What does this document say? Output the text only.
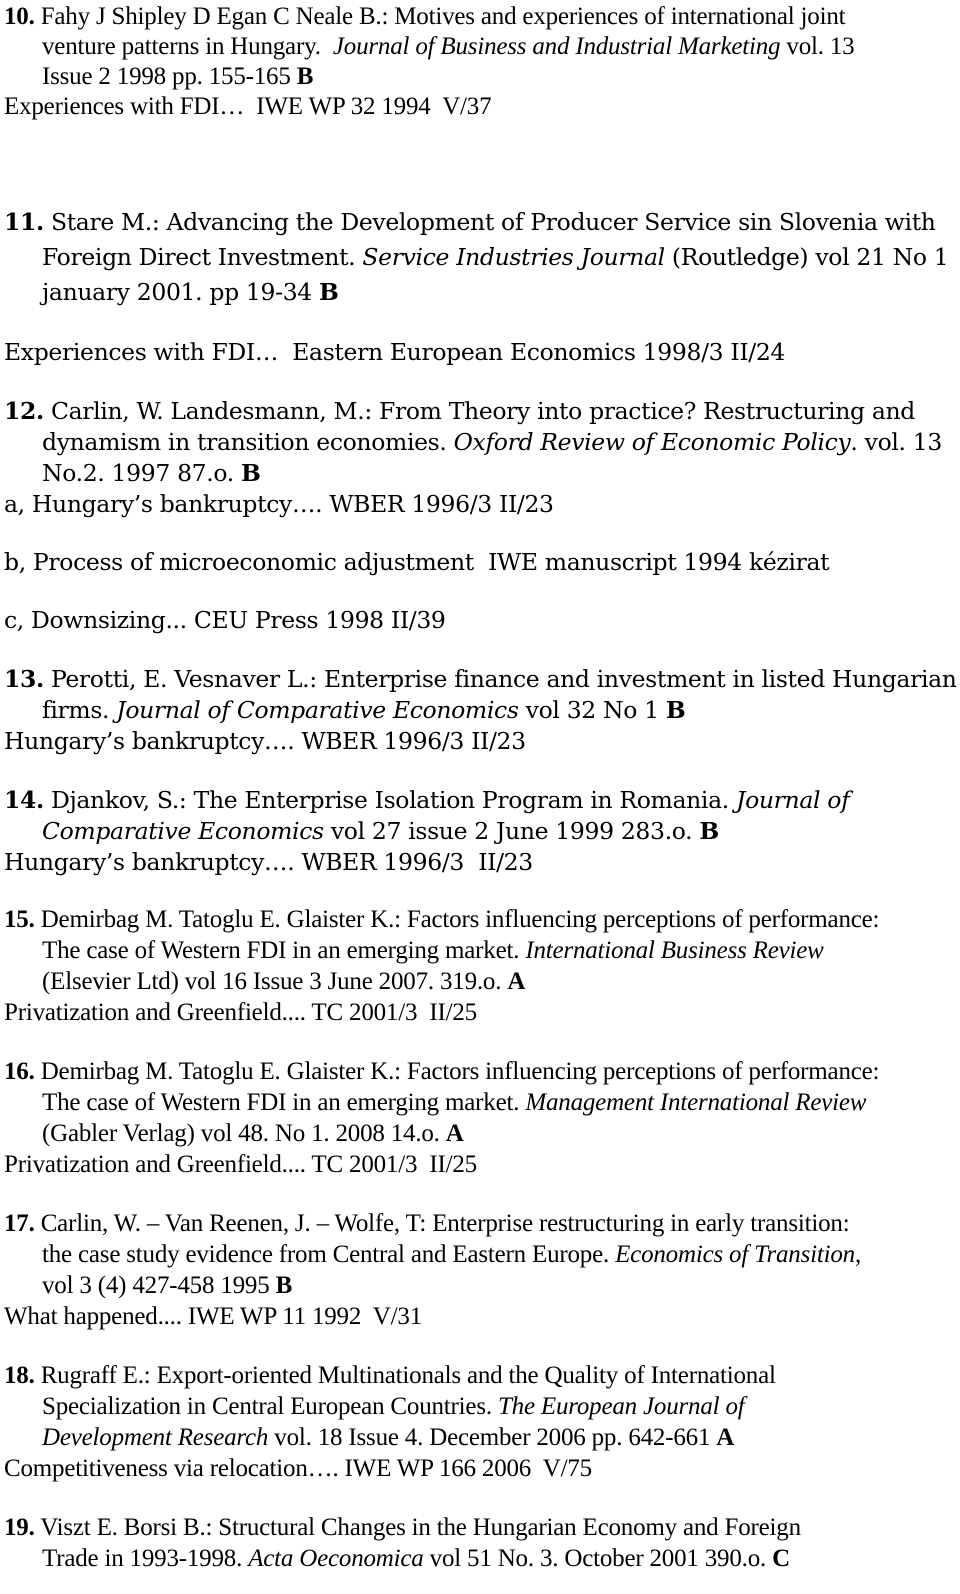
10. Fahy J Shipley D Egan C Neale B.: Motives and experiences of international joint
venture patterns in Hungary.  Journal of Business and Industrial Marketing vol. 13
Issue 2 1998 pp. 155-165 B
Experiences with FDI…  IWE WP 32 1994  V/37
11. Stare M.: Advancing the Development of Producer Service sin Slovenia with
Foreign Direct Investment. Service Industries Journal (Routledge) vol 21 No 1
january 2001. pp 19-34 B
Experiences with FDI…  Eastern European Economics 1998/3 II/24
12. Carlin, W. Landesmann, M.: From Theory into practice? Restructuring and
dynamism in transition economies. Oxford Review of Economic Policy. vol. 13
No.2. 1997 87.o. B
a, Hungary’s bankruptcy…. WBER 1996/3 II/23
b, Process of microeconomic adjustment  IWE manuscript 1994 kézirat
c, Downsizing... CEU Press 1998 II/39
13. Perotti, E. Vesnaver L.: Enterprise finance and investment in listed Hungarian
firms. Journal of Comparative Economics vol 32 No 1 B
Hungary’s bankruptcy…. WBER 1996/3 II/23
14. Djankov, S.: The Enterprise Isolation Program in Romania. Journal of
Comparative Economics vol 27 issue 2 June 1999 283.o. B
Hungary’s bankruptcy…. WBER 1996/3  II/23
15. Demirbag M. Tatoglu E. Glaister K.: Factors influencing perceptions of performance:
The case of Western FDI in an emerging market. International Business Review
(Elsevier Ltd) vol 16 Issue 3 June 2007. 319.o. A
Privatization and Greenfield.... TC 2001/3  II/25
16. Demirbag M. Tatoglu E. Glaister K.: Factors influencing perceptions of performance:
The case of Western FDI in an emerging market. Management International Review
(Gabler Verlag) vol 48. No 1. 2008 14.o. A
Privatization and Greenfield.... TC 2001/3  II/25
17. Carlin, W. – Van Reenen, J. – Wolfe, T: Enterprise restructuring in early transition:
the case study evidence from Central and Eastern Europe. Economics of Transition,
vol 3 (4) 427-458 1995 B
What happened.... IWE WP 11 1992  V/31
18. Rugraff E.: Export-oriented Multinationals and the Quality of International
Specialization in Central European Countries. The European Journal of
Development Research vol. 18 Issue 4. December 2006 pp. 642-661 A
Competitiveness via relocation…. IWE WP 166 2006  V/75
19. Viszt E. Borsi B.: Structural Changes in the Hungarian Economy and Foreign
Trade in 1993-1998. Acta Oeconomica vol 51 No. 3. October 2001 390.o. C
